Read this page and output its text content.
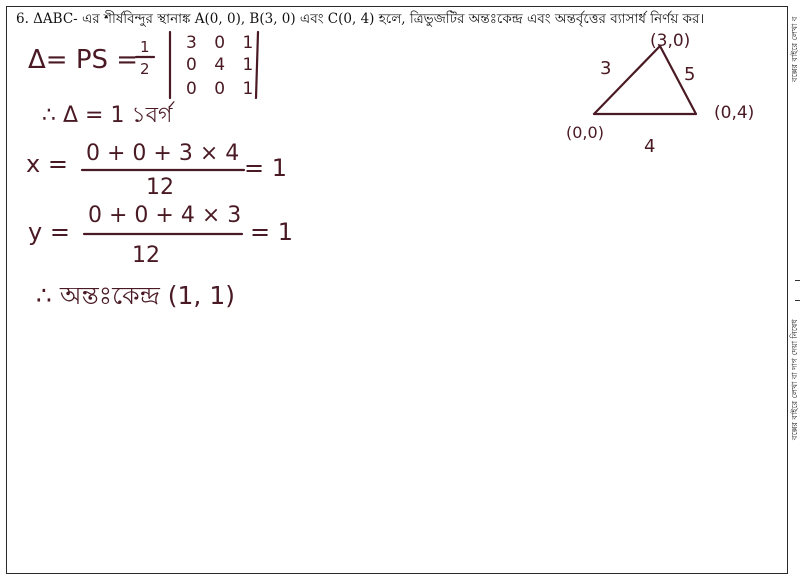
6. ΔABC- এর শীর্ষবিন্দুর স্থানাঙ্ক A(0, 0), B(3, 0) এবং C(0, 4) হলে, ত্রিভুজটির অন্তঃকেন্দ্র এবং অন্তর্বৃত্তের ব্যাসার্ধ নির্ণয় কর।	বক্সের বাইরে লেখা ব
বক্সের বাইরে লেখা বা দাগ দেয়া নিষেধ
Δ= PS = 1
2
3 0 1
0 4 1
0 0 1
∴ Δ = 1 ১বর্গ
x = 0 + 0 + 3 × 4
12
= 1
y =
0 + 0 + 4 × 3
12
= 1
∴ অন্তঃকেন্দ্র (1, 1)
(3,0)
(0,0)
(0,4)
3	5
4
